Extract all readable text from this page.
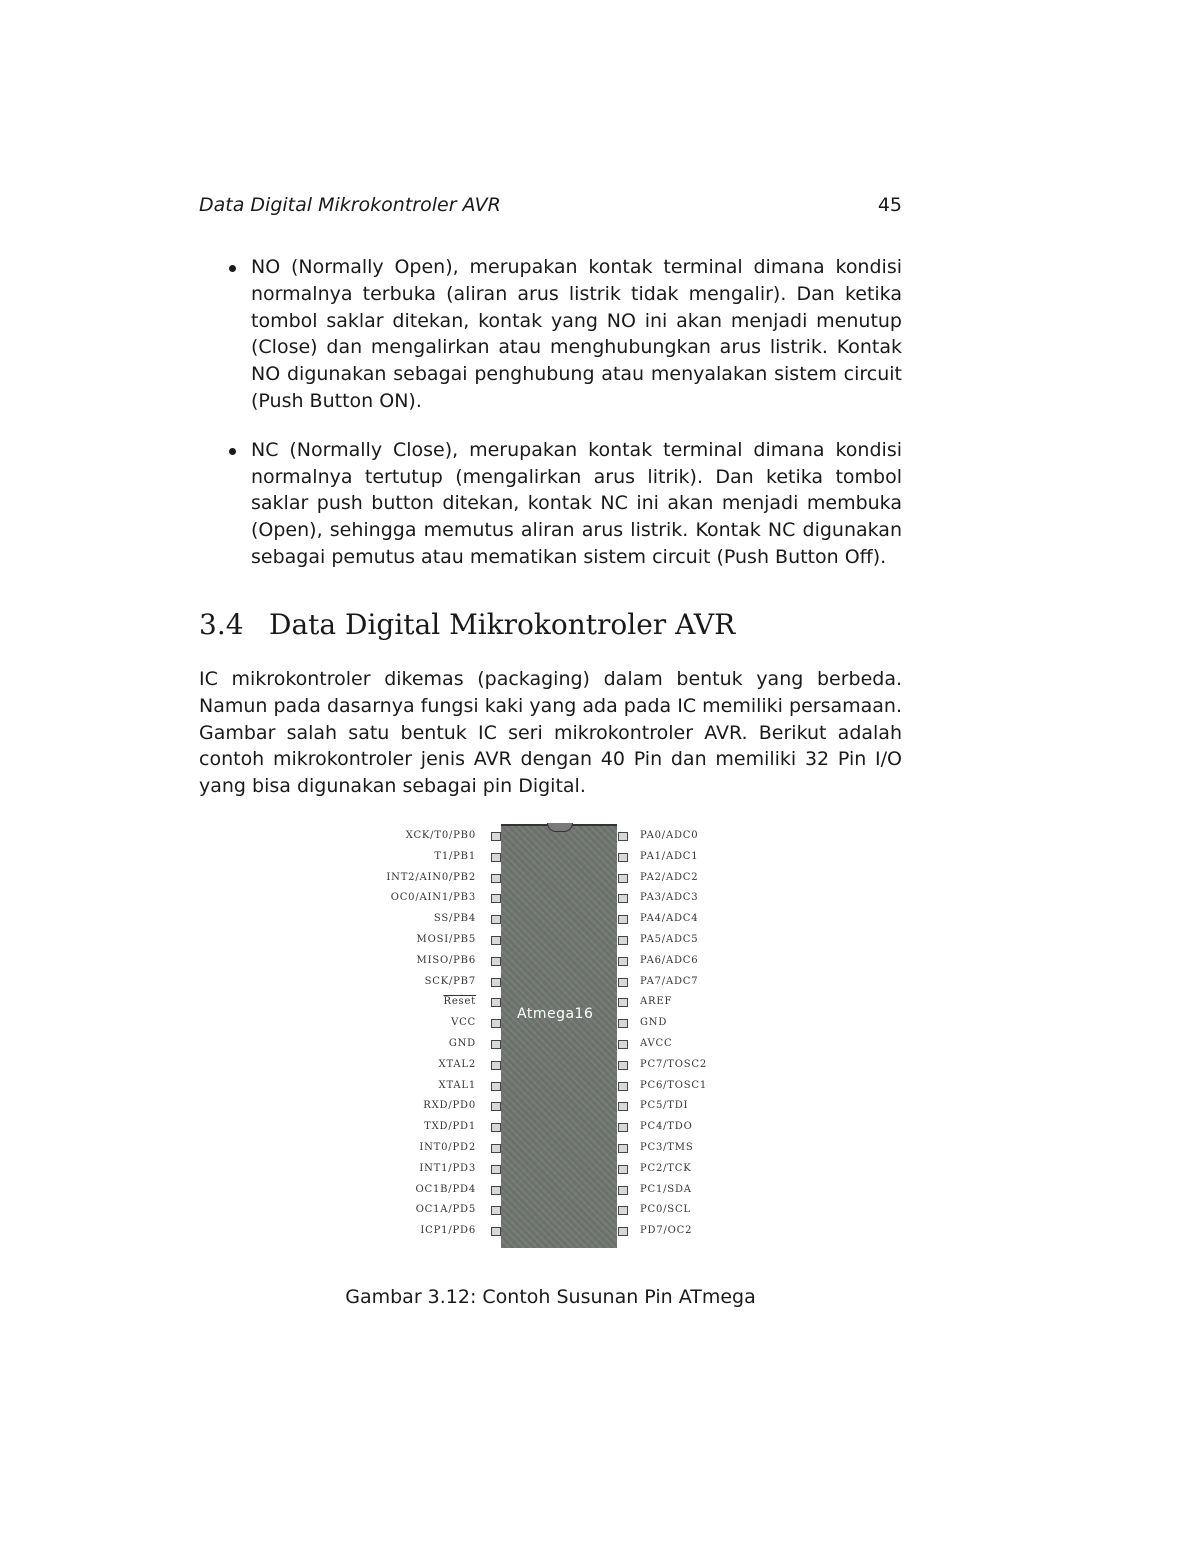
Data Digital Mikrokontroler AVR	45
NO (Normally Open), merupakan kontak terminal dimana kondisi normalnya terbuka (aliran arus listrik tidak mengalir). Dan ketika tombol saklar ditekan, kontak yang NO ini akan menjadi menutup (Close) dan mengalirkan atau menghubungkan arus listrik. Kontak NO digunakan sebagai penghubung atau menyalakan sistem circuit (Push Button ON).
NC (Normally Close), merupakan kontak terminal dimana kondisi normalnya tertutup (mengalirkan arus litrik). Dan ketika tombol saklar push button ditekan, kontak NC ini akan menjadi membuka (Open), sehingga memutus aliran arus listrik. Kontak NC digunakan sebagai pemutus atau mematikan sistem circuit (Push Button Off).
3.4 Data Digital Mikrokontroler AVR

IC mikrokontroler dikemas (packaging) dalam bentuk yang berbeda. Namun pada dasarnya fungsi kaki yang ada pada IC memiliki persamaan. Gambar salah satu bentuk IC seri mikrokontroler AVR. Berikut adalah contoh mikrokontroler jenis AVR dengan 40 Pin dan memiliki 32 Pin I/O yang bisa digunakan sebagai pin Digital.

Atmega16
XCK/T0/PB0
T1/PB1
INT2/AIN0/PB2
OC0/AIN1/PB3
SS/PB4
MOSI/PB5
MISO/PB6
SCK/PB7
Reset
VCC
GND
XTAL2
XTAL1
RXD/PD0
TXD/PD1
INT0/PD2
INT1/PD3
OC1B/PD4
OC1A/PD5
ICP1/PD6
PA0/ADC0
PA1/ADC1
PA2/ADC2
PA3/ADC3
PA4/ADC4
PA5/ADC5
PA6/ADC6
PA7/ADC7
AREF
GND
AVCC
PC7/TOSC2
PC6/TOSC1
PC5/TDI
PC4/TDO
PC3/TMS
PC2/TCK
PC1/SDA
PC0/SCL
PD7/OC2

Gambar 3.12: Contoh Susunan Pin ATmega
